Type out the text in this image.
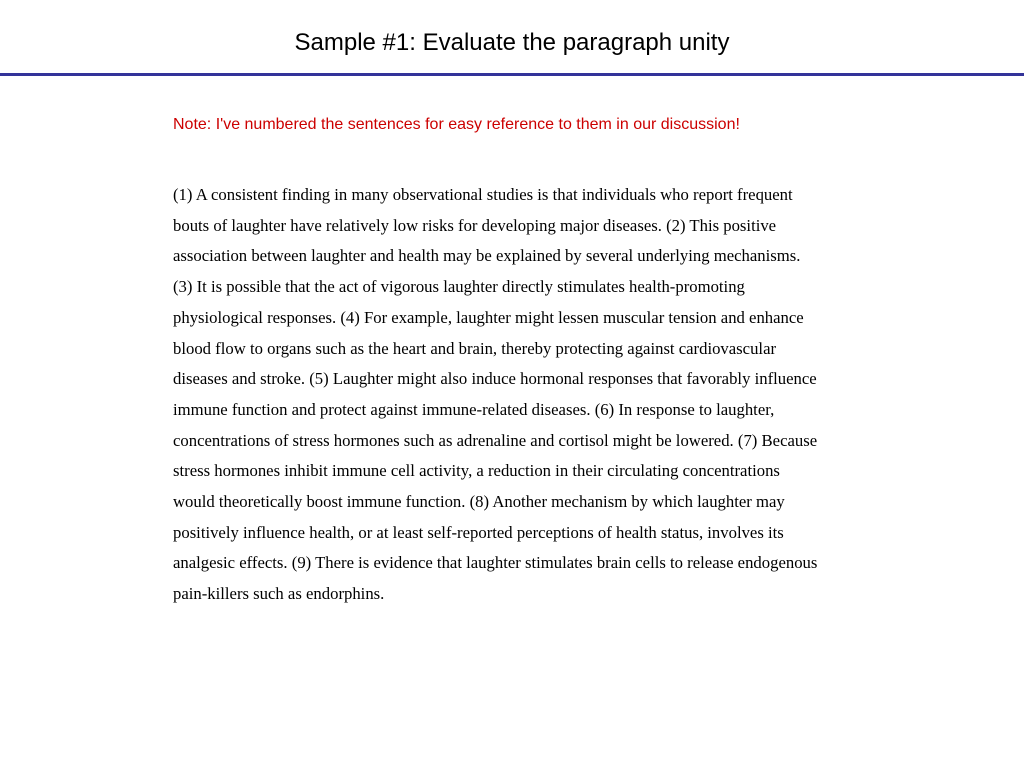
Sample #1: Evaluate the paragraph unity

Note: I've numbered the sentences for easy reference to them in our discussion!

(1) A consistent finding in many observational studies is that individuals who report frequent bouts of laughter have relatively low risks for developing major diseases. (2) This positive association between laughter and health may be explained by several underlying mechanisms. (3) It is possible that the act of vigorous laughter directly stimulates health-promoting physiological responses. (4) For example, laughter might lessen muscular tension and enhance blood flow to organs such as the heart and brain, thereby protecting against cardiovascular diseases and stroke. (5) Laughter might also induce hormonal responses that favorably influence immune function and protect against immune-related diseases. (6) In response to laughter, concentrations of stress hormones such as adrenaline and cortisol might be lowered. (7) Because stress hormones inhibit immune cell activity, a reduction in their circulating concentrations would theoretically boost immune function. (8) Another mechanism by which laughter may positively influence health, or at least self-reported perceptions of health status, involves its analgesic effects. (9) There is evidence that laughter stimulates brain cells to release endogenous pain-killers such as endorphins.
